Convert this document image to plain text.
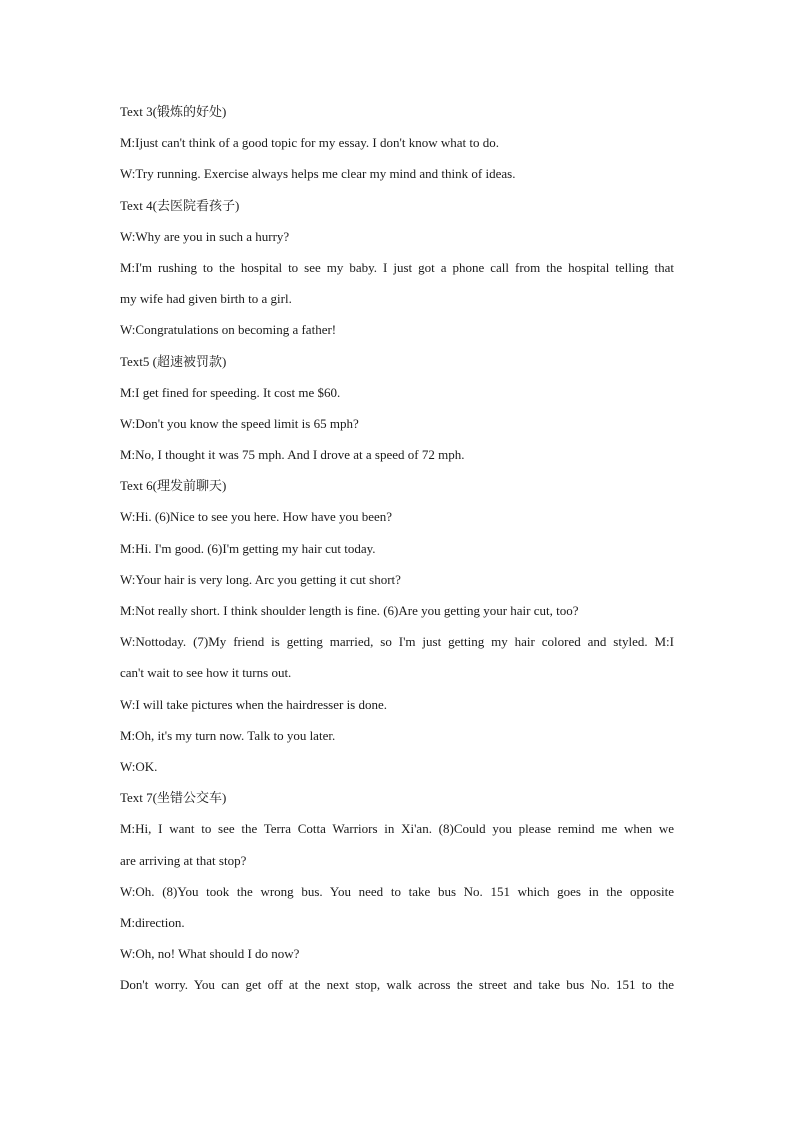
Text 3(锻炼的好处)
M:Ijust can't think of a good topic for my essay. I don't know what to do.
W:Try running. Exercise always helps me clear my mind and think of ideas.
Text 4(去医院看孩子)
W:Why are you in such a hurry?
M:I'm rushing to the hospital to see my baby. I just got a phone call from the hospital telling that
my wife had given birth to a girl.
W:Congratulations on becoming a father!
Text5 (超速被罚款)
M:I get fined for speeding. It cost me $60.
W:Don't you know the speed limit is 65 mph?
M:No, I thought it was 75 mph. And I drove at a speed of 72 mph.
Text 6(理发前聊天)
W:Hi. (6)Nice to see you here. How have you been?
M:Hi. I'm good. (6)I'm getting my hair cut today.
W:Your hair is very long. Arc you getting it cut short?
M:Not really short. I think shoulder length is fine. (6)Are you getting your hair cut, too?
W:Nottoday. (7)My friend is getting married, so I'm just getting my hair colored and styled. M:I
can't wait to see how it turns out.
W:I will take pictures when the hairdresser is done.
M:Oh, it's my turn now. Talk to you later.
W:OK.
Text 7(坐错公交车)
M:Hi, I want to see the Terra Cotta Warriors in Xi'an. (8)Could you please remind me when we
are arriving at that stop?
W:Oh. (8)You took the wrong bus. You need to take bus No. 151 which goes in the opposite
M:direction.
W:Oh, no! What should I do now?
Don't worry. You can get off at the next stop, walk across the street and take bus No. 151 to the
